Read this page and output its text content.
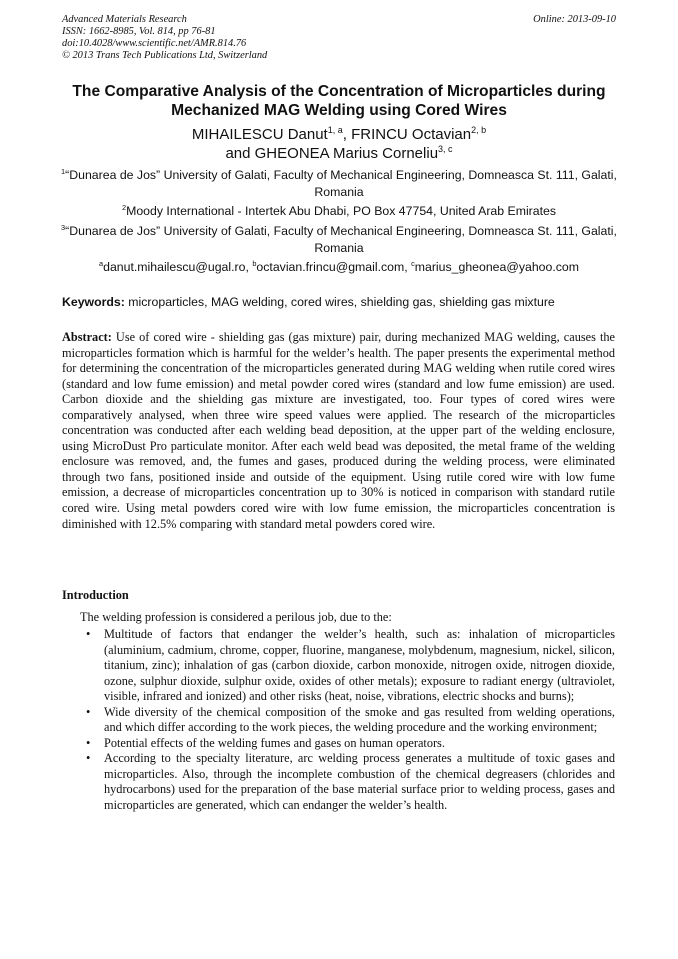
Advanced Materials Research
ISSN: 1662-8985, Vol. 814, pp 76-81
doi:10.4028/www.scientific.net/AMR.814.76
© 2013 Trans Tech Publications Ltd, Switzerland
Online: 2013-09-10
The Comparative Analysis of the Concentration of Microparticles during Mechanized MAG Welding using Cored Wires
MIHAILESCU Danut$^{1, a}$, FRINCU Octavian$^{2, b}$
and GHEONEA Marius Corneliu$^{3, c}$
$^1$“Dunarea de Jos” University of Galati, Faculty of Mechanical Engineering, Domneasca St. 111, Galati, Romania
$^2$Moody International - Intertek Abu Dhabi, PO Box 47754, United Arab Emirates
$^3$“Dunarea de Jos” University of Galati, Faculty of Mechanical Engineering, Domneasca St. 111, Galati, Romania
$^a$danut.mihailescu@ugal.ro, $^b$octavian.frincu@gmail.com, $^c$marius_gheonea@yahoo.com
Keywords: microparticles, MAG welding, cored wires, shielding gas, shielding gas mixture
Abstract: Use of cored wire - shielding gas (gas mixture) pair, during mechanized MAG welding, causes the microparticles formation which is harmful for the welder’s health. The paper presents the experimental method for determining the concentration of the microparticles generated during MAG welding when rutile cored wires (standard and low fume emission) and metal powder cored wires (standard and low fume emission) are used. Carbon dioxide and the shielding gas mixture are investigated, too. Four types of cored wires were comparatively analysed, when three wire speed values were applied. The research of the microparticles concentration was conducted after each welding bead deposition, at the upper part of the welding enclosure, using MicroDust Pro particulate monitor. After each weld bead was deposited, the metal frame of the welding enclosure was removed, and, the fumes and gases, produced during the welding process, were eliminated through two fans, positioned inside and outside of the equipment. Using rutile cored wire with low fume emission, a decrease of microparticles concentration up to 30% is noticed in comparison with standard rutile cored wire. Using metal powders cored wire with low fume emission, the microparticles concentration is diminished with 12.5% comparing with standard metal powders cored wire.
Introduction
The welding profession is considered a perilous job, due to the:
• Multitude of factors that endanger the welder’s health, such as: inhalation of microparticles (aluminium, cadmium, chrome, copper, fluorine, manganese, molybdenum, magnesium, nickel, silicon, titanium, zinc); inhalation of gas (carbon dioxide, carbon monoxide, nitrogen oxide, nitrogen dioxide, ozone, sulphur dioxide, sulphur oxide, oxides of other metals); exposure to radiant energy (ultraviolet, visible, infrared and ionized) and other risks (heat, noise, vibrations, electric shocks and burns);
• Wide diversity of the chemical composition of the smoke and gas resulted from welding operations, and which differ according to the work pieces, the welding procedure and the working environment;
• Potential effects of the welding fumes and gases on human operators.
• According to the specialty literature, arc welding process generates a multitude of toxic gases and microparticles. Also, through the incomplete combustion of the chemical degreasers (chlorides and hydrocarbons) used for the preparation of the base material surface prior to welding process, gases and microparticles are generated, which can endanger the welder’s health.
